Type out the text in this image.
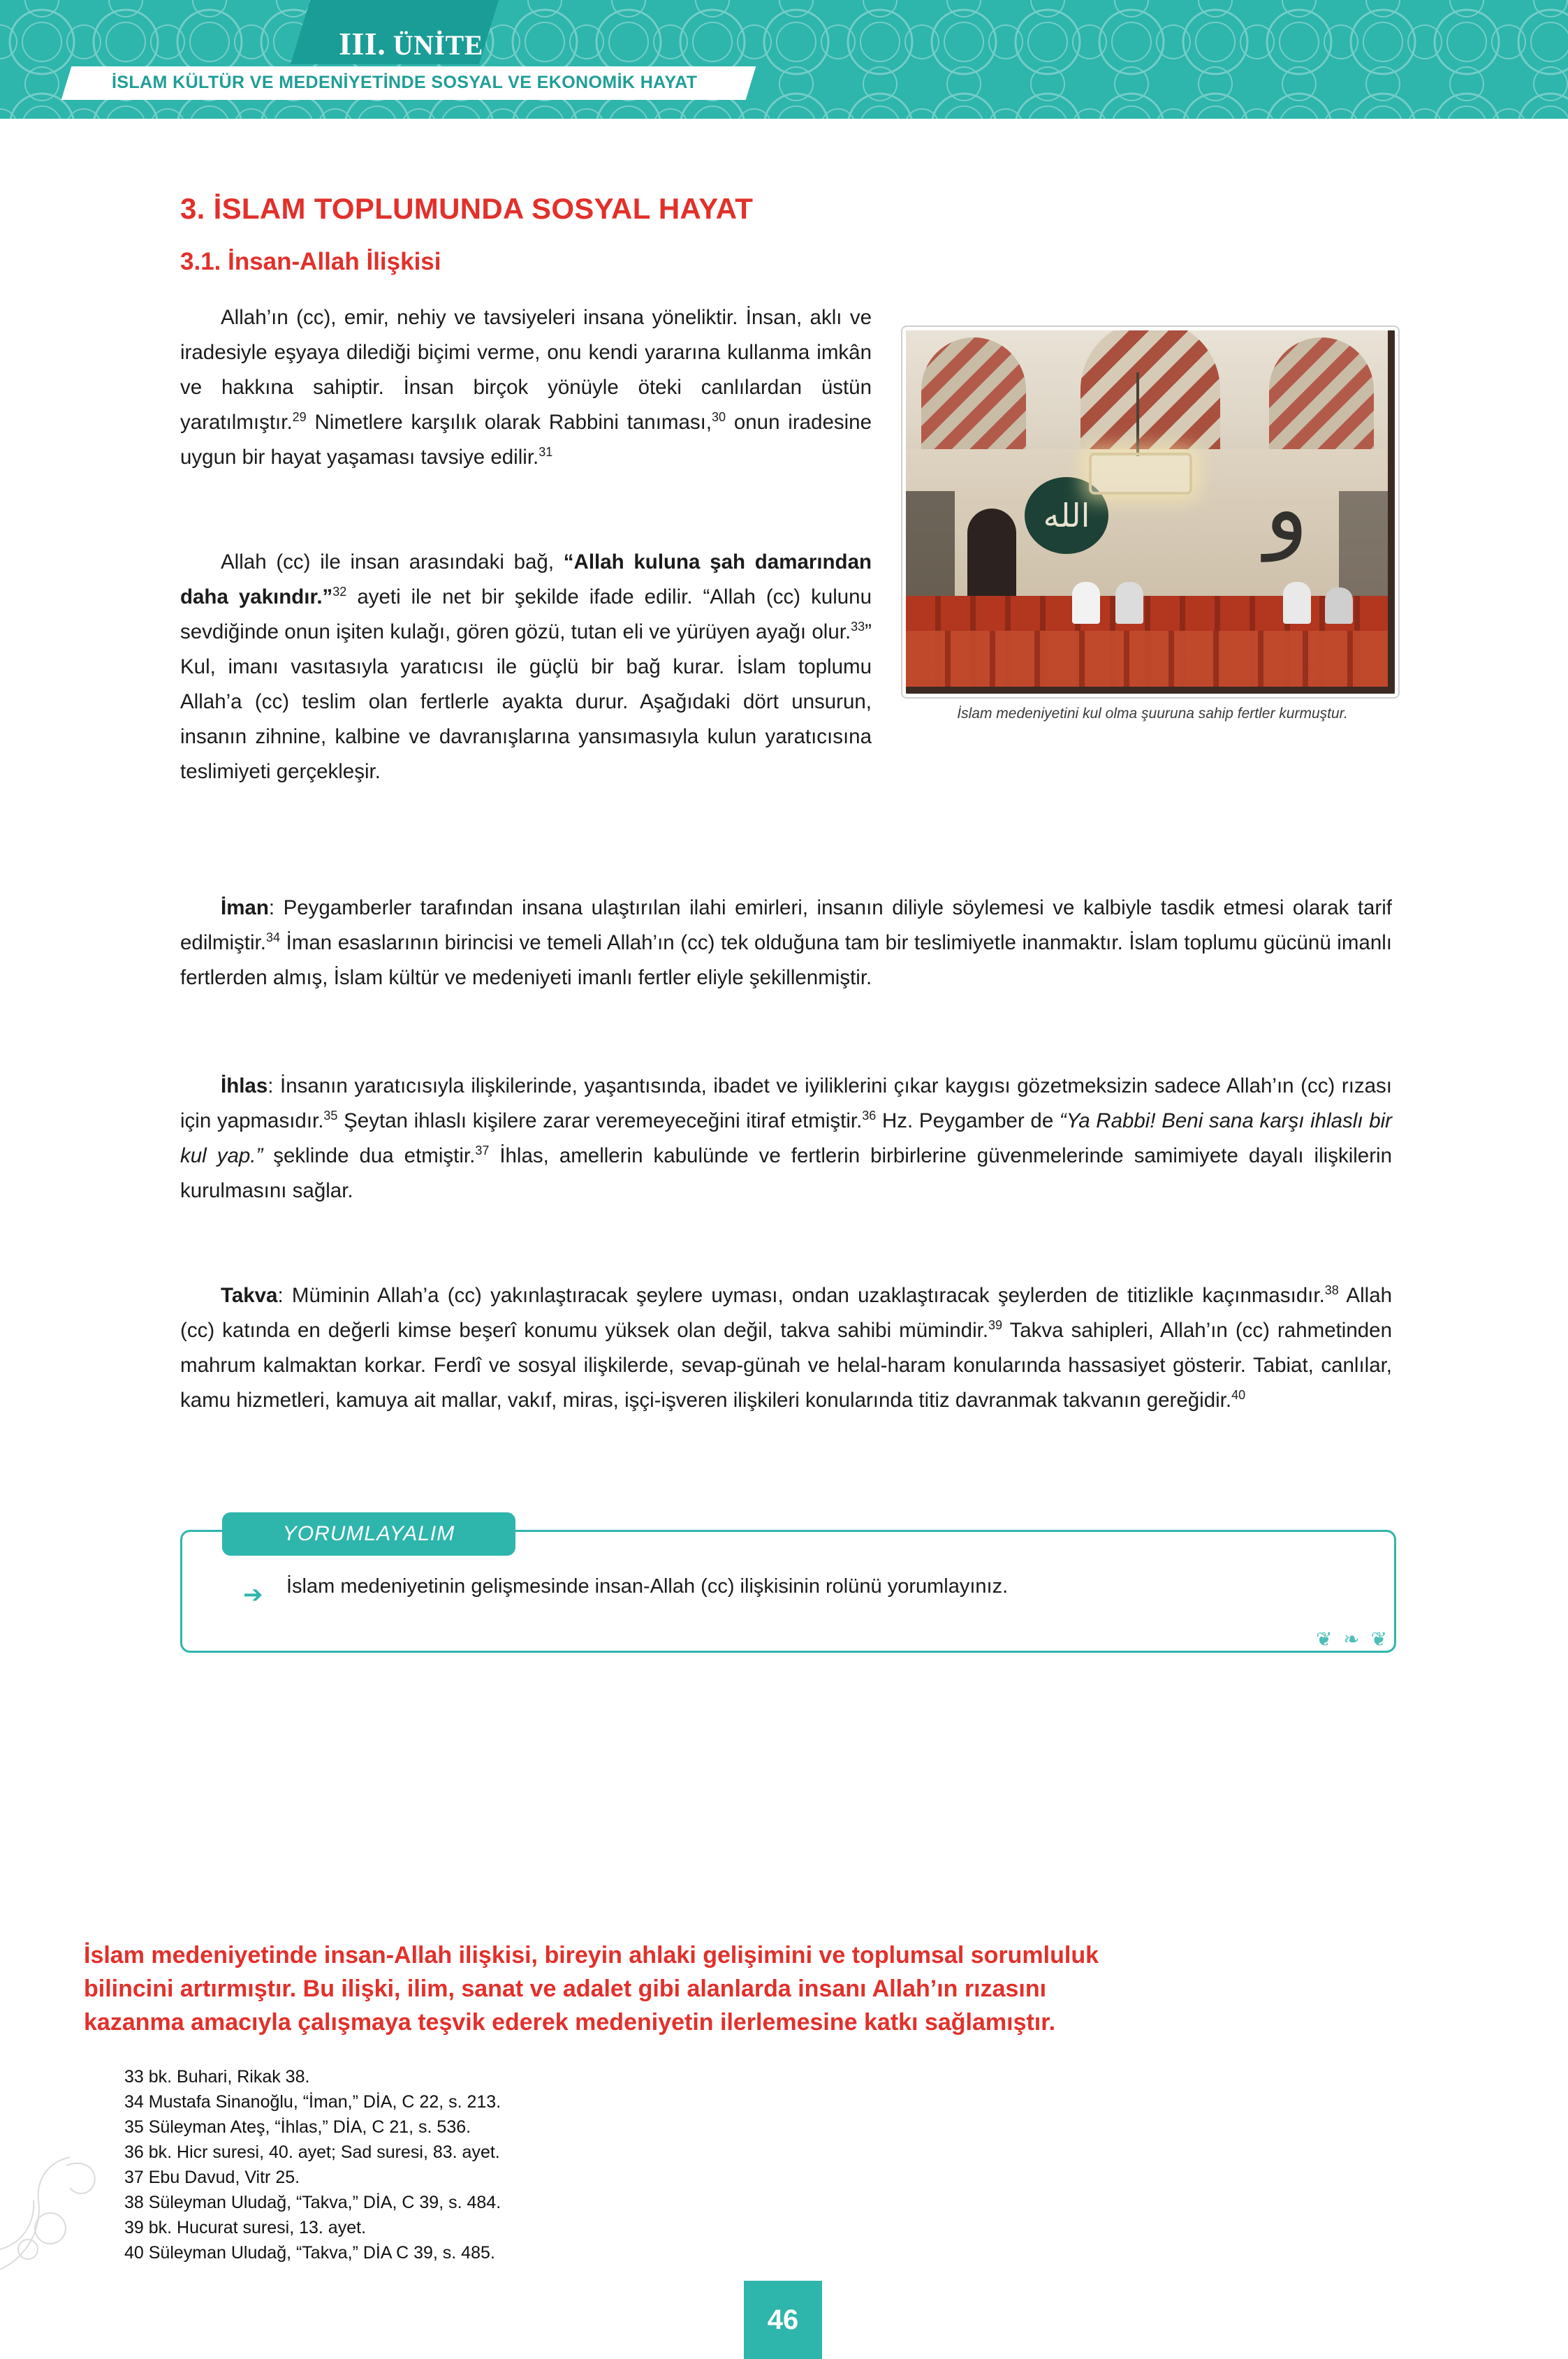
III. ÜNİTE
İSLAM KÜLTÜR VE MEDENİYETİNDE SOSYAL VE EKONOMİK HAYAT
3. İSLAM TOPLUMUNDA SOSYAL HAYAT
3.1. İnsan-Allah İlişkisi
Allah’ın (cc), emir, nehiy ve tavsiyeleri insana yöneliktir. İnsan, aklı ve iradesiyle eşyaya dilediği biçimi verme, onu kendi yararına kullanma imkân ve hakkına sahiptir. İnsan birçok yönüyle öteki canlılardan üstün yaratılmıştır.$^{29}$ Nimetlere karşılık olarak Rabbini tanıması,$^{30}$ onun iradesine uygun bir hayat yaşaması tavsiye edilir.$^{31}$
Allah (cc) ile insan arasındaki bağ, “Allah kuluna şah damarından daha yakındır.”$^{32}$ ayeti ile net bir şekilde ifade edilir. “Allah (cc) kulunu sevdiğinde onun işiten kulağı, gören gözü, tutan eli ve yürüyen ayağı olur.$^{33}$” Kul, imanı vasıtasıyla yaratıcısı ile güçlü bir bağ kurar. İslam toplumu Allah’a (cc) teslim olan fertlerle ayakta durur. Aşağıdaki dört unsurun, insanın zihnine, kalbine ve davranışlarına yansımasıyla kulun yaratıcısına teslimiyeti gerçekleşir.
İman: Peygamberler tarafından insana ulaştırılan ilahi emirleri, insanın diliyle söylemesi ve kalbiyle tasdik etmesi olarak tarif edilmiştir.$^{34}$ İman esaslarının birincisi ve temeli Allah’ın (cc) tek olduğuna tam bir teslimiyetle inanmaktır. İslam toplumu gücünü imanlı fertlerden almış, İslam kültür ve medeniyeti imanlı fertler eliyle şekillenmiştir.
İhlas: İnsanın yaratıcısıyla ilişkilerinde, yaşantısında, ibadet ve iyiliklerini çıkar kaygısı gözetmeksizin sadece Allah’ın (cc) rızası için yapmasıdır.$^{35}$ Şeytan ihlaslı kişilere zarar veremeyeceğini itiraf etmiştir.$^{36}$ Hz. Peygamber de “Ya Rabbi! Beni sana karşı ihlaslı bir kul yap.” şeklinde dua etmiştir.$^{37}$ İhlas, amellerin kabulünde ve fertlerin birbirlerine güvenmelerinde samimiyete dayalı ilişkilerin kurulmasını sağlar.
Takva: Müminin Allah’a (cc) yakınlaştıracak şeylere uyması, ondan uzaklaştıracak şeylerden de titizlikle kaçınmasıdır.$^{38}$ Allah (cc) katında en değerli kimse beşerî konumu yüksek olan değil, takva sahibi mümindir.$^{39}$ Takva sahipleri, Allah’ın (cc) rahmetinden mahrum kalmaktan korkar. Ferdî ve sosyal ilişkilerde, sevap-günah ve helal-haram konularında hassasiyet gösterir. Tabiat, canlılar, kamu hizmetleri, kamuya ait mallar, vakıf, miras, işçi-işveren ilişkileri konularında titiz davranmak takvanın gereğidir.$^{40}$
الله	و
İslam medeniyetini kul olma şuuruna sahip fertler kurmuştur.
YORUMLAYALIM
➔ İslam medeniyetinin gelişmesinde insan-Allah (cc) ilişkisinin rolünü yorumlayınız.
❦ ❧ ❦
İslam medeniyetinde insan-Allah ilişkisi, bireyin ahlaki gelişimini ve toplumsal sorumluluk
bilincini artırmıştır. Bu ilişki, ilim, sanat ve adalet gibi alanlarda insanı Allah’ın rızasını
kazanma amacıyla çalışmaya teşvik ederek medeniyetin ilerlemesine katkı sağlamıştır.
33 bk. Buhari, Rikak 38.
34 Mustafa Sinanoğlu, “İman,” DİA, C 22, s. 213.
35 Süleyman Ateş, “İhlas,” DİA, C 21, s. 536.
36 bk. Hicr suresi, 40. ayet; Sad suresi, 83. ayet.
37 Ebu Davud, Vitr 25.
38 Süleyman Uludağ, “Takva,” DİA, C 39, s. 484.
39 bk. Hucurat suresi, 13. ayet.
40 Süleyman Uludağ, “Takva,” DİA C 39, s. 485.
46
